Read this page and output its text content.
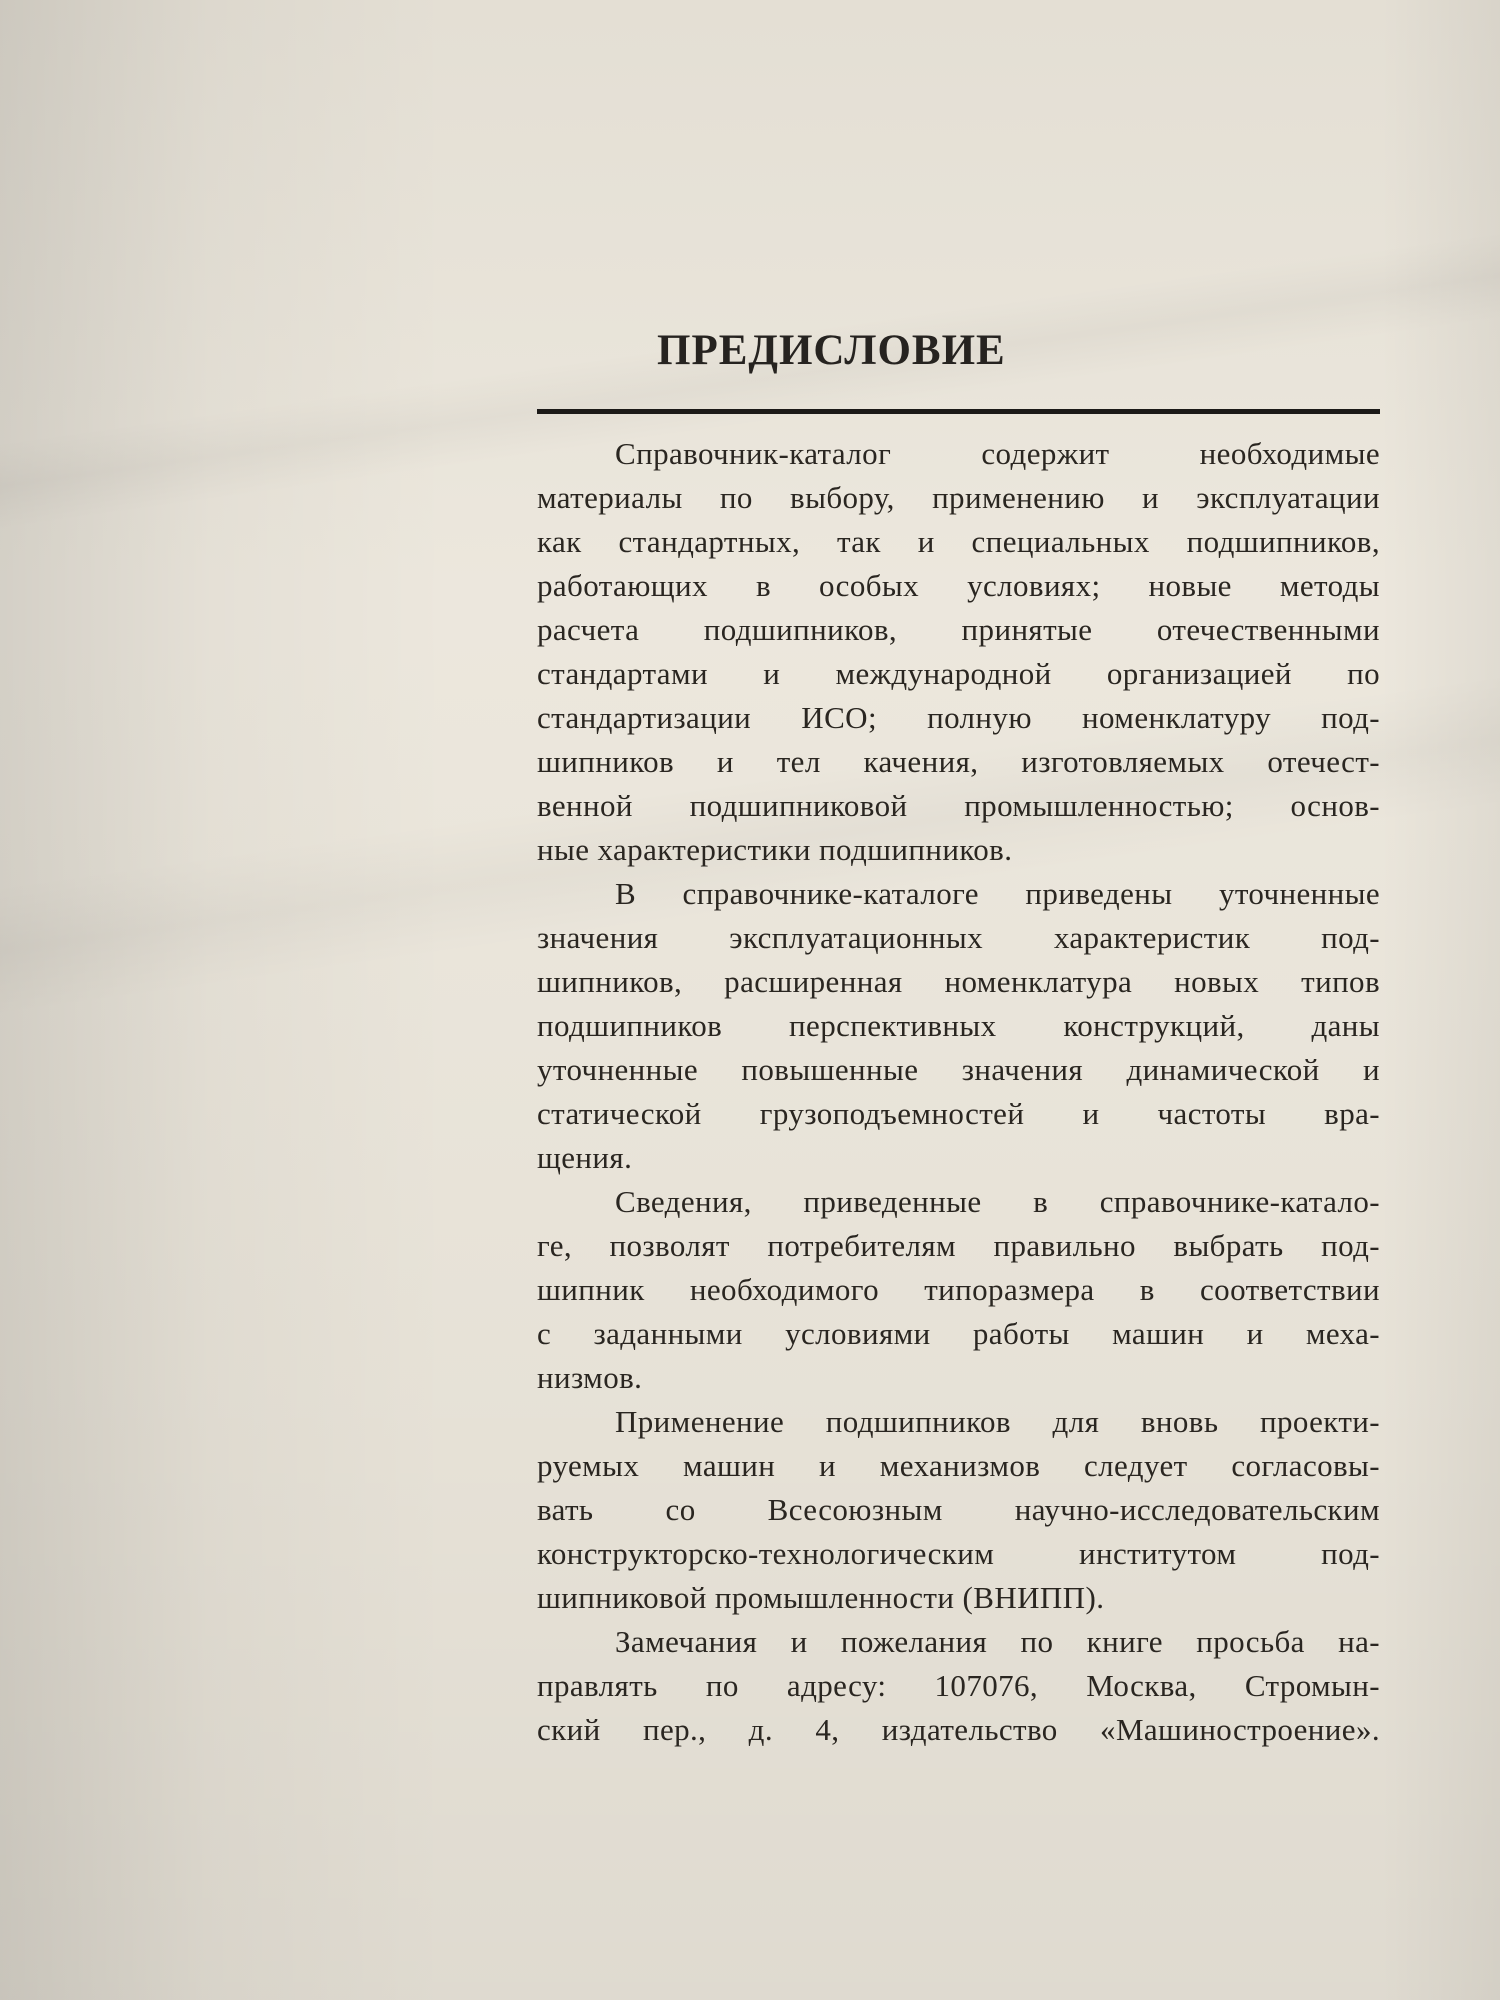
ПРЕДИСЛОВИЕ

Справочник-каталог содержит необходимые
материалы по выбору, применению и эксплуатации
как стандартных, так и специальных подшипников,
работающих в особых условиях; новые методы
расчета подшипников, принятые отечественными
стандартами и международной организацией по
стандартизации ИСО; полную номенклатуру под-
шипников и тел качения, изготовляемых отечест-
венной подшипниковой промышленностью; основ-
ные характеристики подшипников.

В справочнике-каталоге приведены уточненные
значения эксплуатационных характеристик под-
шипников, расширенная номенклатура новых типов
подшипников перспективных конструкций, даны
уточненные повышенные значения динамической и
статической грузоподъемностей и частоты вра-
щения.

Сведения, приведенные в справочнике-катало-
ге, позволят потребителям правильно выбрать под-
шипник необходимого типоразмера в соответствии
с заданными условиями работы машин и меха-
низмов.

Применение подшипников для вновь проекти-
руемых машин и механизмов следует согласовы-
вать со Всесоюзным научно-исследовательским
конструкторско-технологическим институтом под-
шипниковой промышленности (ВНИПП).

Замечания и пожелания по книге просьба на-
правлять по адресу: 107076, Москва, Стромын-
ский пер., д. 4, издательство «Машиностроение».
